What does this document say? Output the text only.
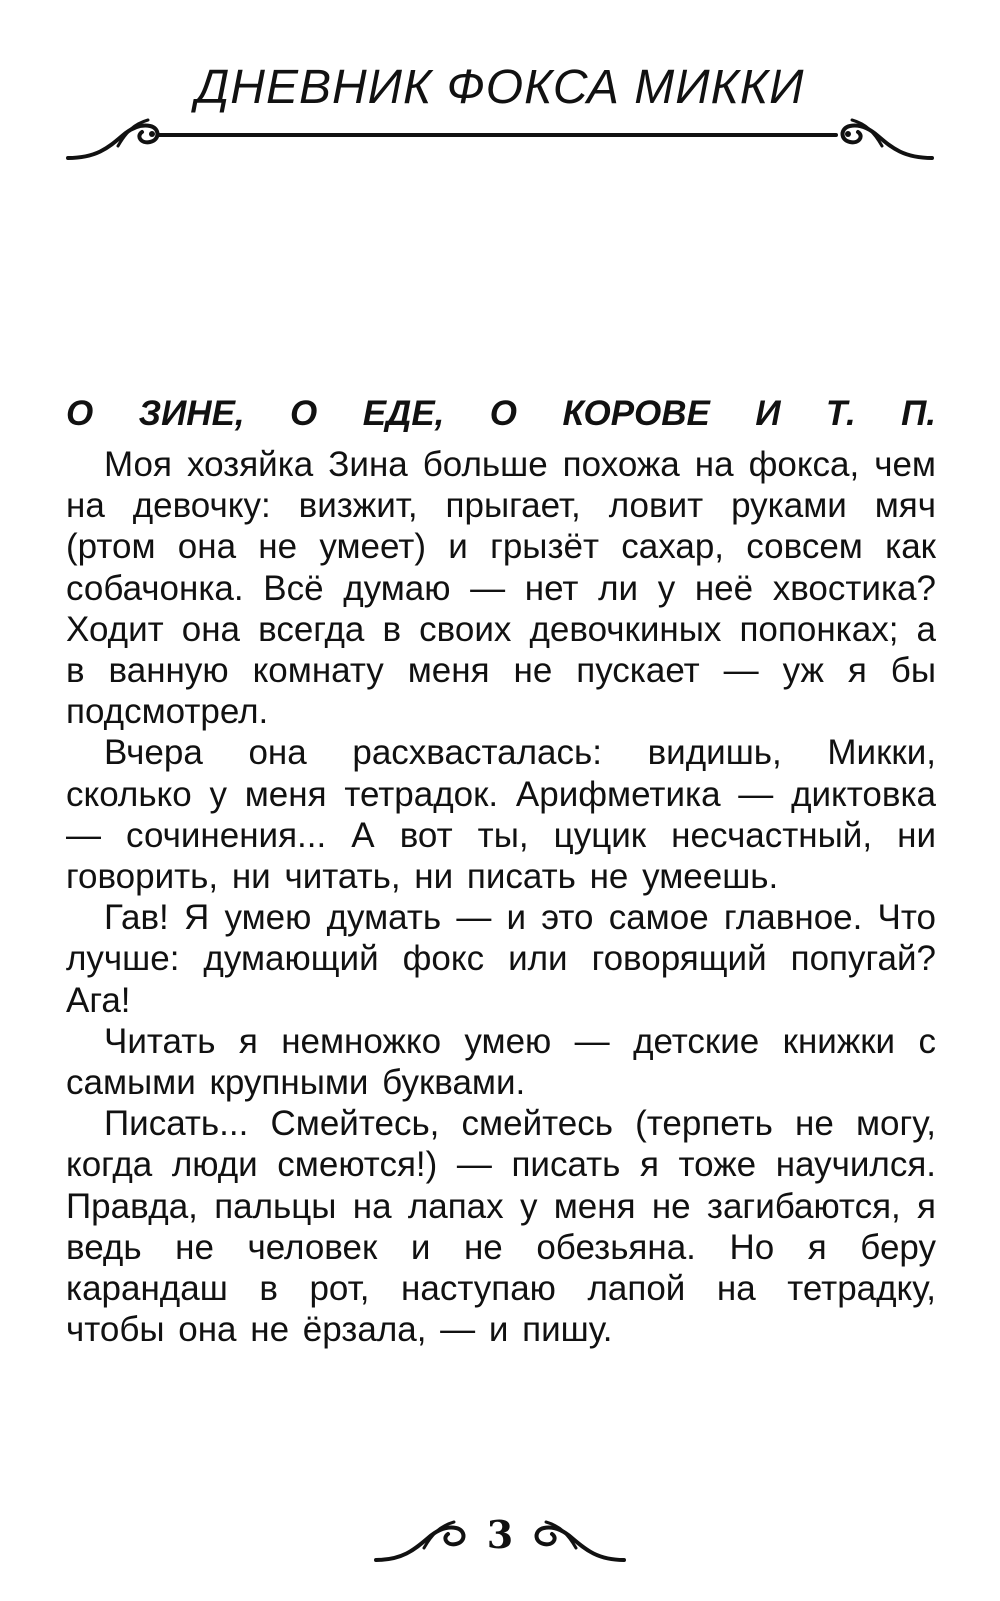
ДНЕВНИК ФОКСА МИККИ
О ЗИНЕ, О ЕДЕ, О КОРОВЕ И Т. П.

Моя хозяйка Зина больше похожа на фокса, чем на девочку: визжит, прыгает, ловит руками мяч (ртом она не умеет) и грызёт сахар, совсем как собачонка. Всё думаю — нет ли у неё хвостика? Ходит она всегда в своих девочкиных попонках; а в ванную комнату меня не пускает — уж я бы подсмотрел.

Вчера она расхвасталась: видишь, Микки, сколько у меня тетрадок. Арифметика — диктовка — сочинения... А вот ты, цуцик несчастный, ни говорить, ни читать, ни писать не умеешь.

Гав! Я умею думать — и это самое главное. Что лучше: думающий фокс или говорящий попугай? Ага!

Читать я немножко умею — детские книжки с самыми крупными буквами.

Писать... Смейтесь, смейтесь (терпеть не могу, когда люди смеются!) — писать я тоже научился. Правда, пальцы на лапах у меня не загибаются, я ведь не человек и не обезьяна. Но я беру карандаш в рот, наступаю лапой на тетрадку, чтобы она не ёрзала, — и пишу.

3
